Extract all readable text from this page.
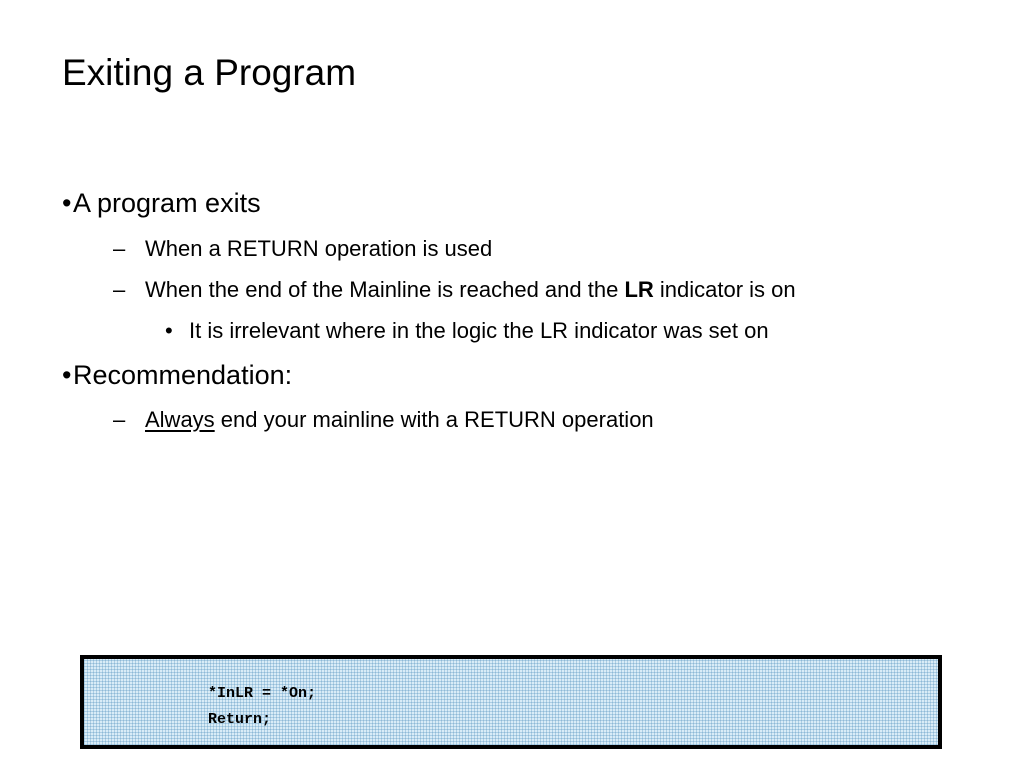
Exiting a Program
•A program exits
– When a RETURN operation is used
– When the end of the Mainline is reached and the LR indicator is on
• It is irrelevant where in the logic the LR indicator was set on
•Recommendation:
– Always end your mainline with a RETURN operation
*InLR = *On;
Return;
